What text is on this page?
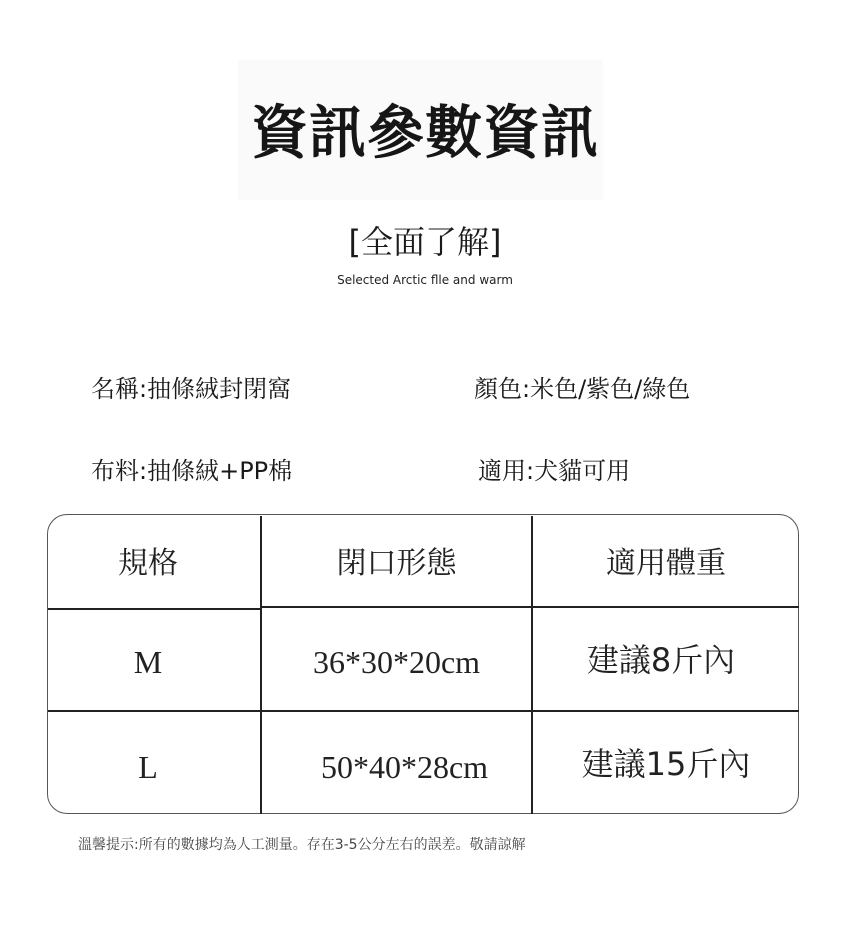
資訊參數資訊
[全面了解]
Selected Arctic flle and warm
名稱:抽條絨封閉窩	顏色:米色/紫色/綠色
布料:抽條絨+PP棉	適用:犬貓可用
規格	閉口形態	適用體重
M	36*30*20cm	建議8斤內
L	50*40*28cm	建議15斤內
溫馨提示:所有的數據均為人工測量。存在3-5公分左右的誤差。敬請諒解
